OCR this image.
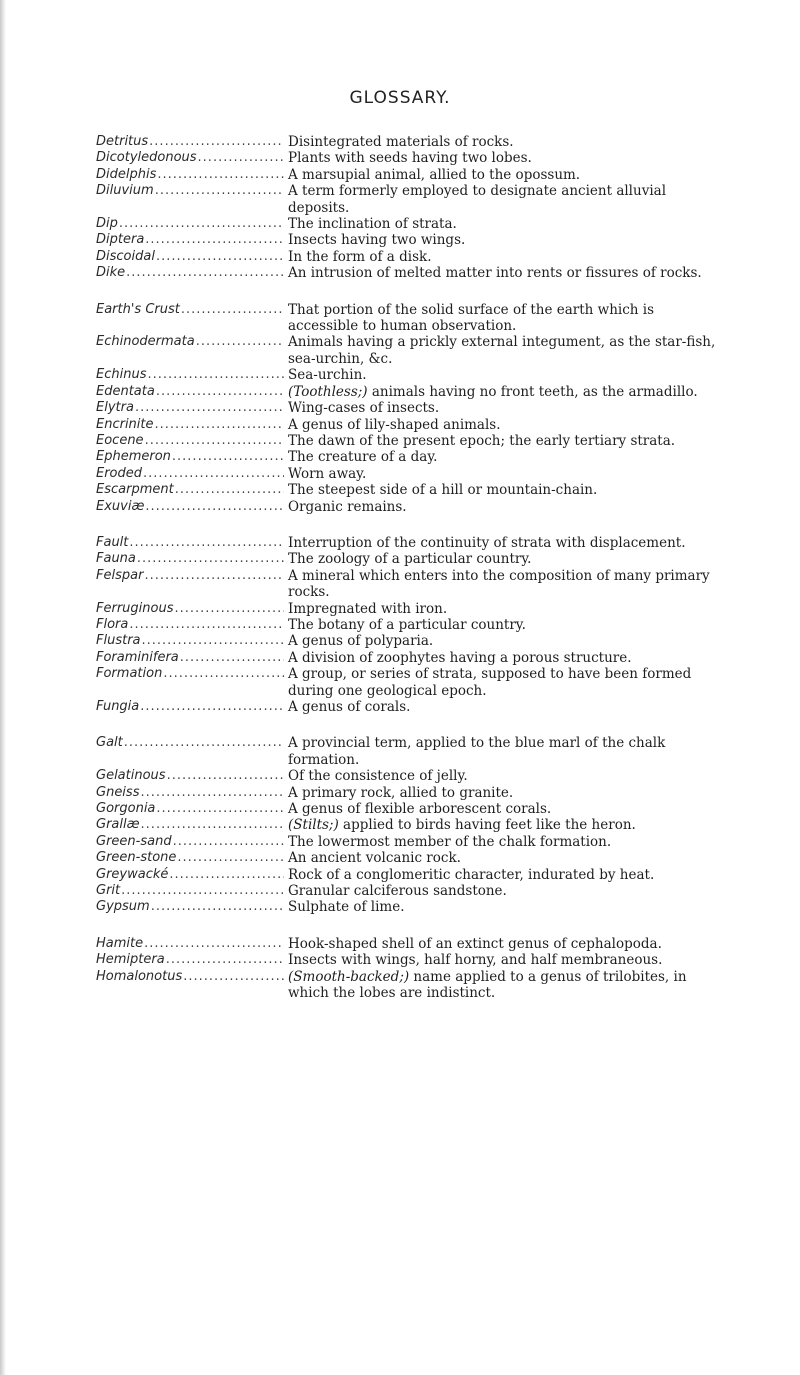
GLOSSARY.
Detritus .....	Disintegrated materials of rocks.
Dicotyledonous .....	Plants with seeds having two lobes.
Didelphis .....	A marsupial animal, allied to the opossum.
Diluvium .....	A term formerly employed to designate ancient alluvial deposits.
Dip .....	The inclination of strata.
Diptera .....	Insects having two wings.
Discoidal .....	In the form of a disk.
Dike .....	An intrusion of melted matter into rents or fissures of rocks.
Earth's Crust .....	That portion of the solid surface of the earth which is accessible to human observation.
Echinodermata .....	Animals having a prickly external integument, as the star-fish, sea-urchin, &c.
Echinus .....	Sea-urchin.
Edentata .....	(Toothless;) animals having no front teeth, as the armadillo.
Elytra .....	Wing-cases of insects.
Encrinite .....	A genus of lily-shaped animals.
Eocene .....	The dawn of the present epoch; the early tertiary strata.
Ephemeron .....	The creature of a day.
Eroded .....	Worn away.
Escarpment .....	The steepest side of a hill or mountain-chain.
Exuviæ .....	Organic remains.
Fault .....	Interruption of the continuity of strata with displacement.
Fauna .....	The zoology of a particular country.
Felspar .....	A mineral which enters into the composition of many primary rocks.
Ferruginous .....	Impregnated with iron.
Flora .....	The botany of a particular country.
Flustra .....	A genus of polyparia.
Foraminifera .....	A division of zoophytes having a porous structure.
Formation .....	A group, or series of strata, supposed to have been formed during one geological epoch.
Fungia .....	A genus of corals.
Galt .....	A provincial term, applied to the blue marl of the chalk formation.
Gelatinous .....	Of the consistence of jelly.
Gneiss .....	A primary rock, allied to granite.
Gorgonia .....	A genus of flexible arborescent corals.
Grallæ .....	(Stilts;) applied to birds having feet like the heron.
Green-sand .....	The lowermost member of the chalk formation.
Green-stone .....	An ancient volcanic rock.
Greywacké .....	Rock of a conglomeritic character, indurated by heat.
Grit .....	Granular calciferous sandstone.
Gypsum .....	Sulphate of lime.
Hamite .....	Hook-shaped shell of an extinct genus of cephalopoda.
Hemiptera .....	Insects with wings, half horny, and half membraneous.
Homalonotus .....	(Smooth-backed;) name applied to a genus of trilobites, in which the lobes are indistinct.
